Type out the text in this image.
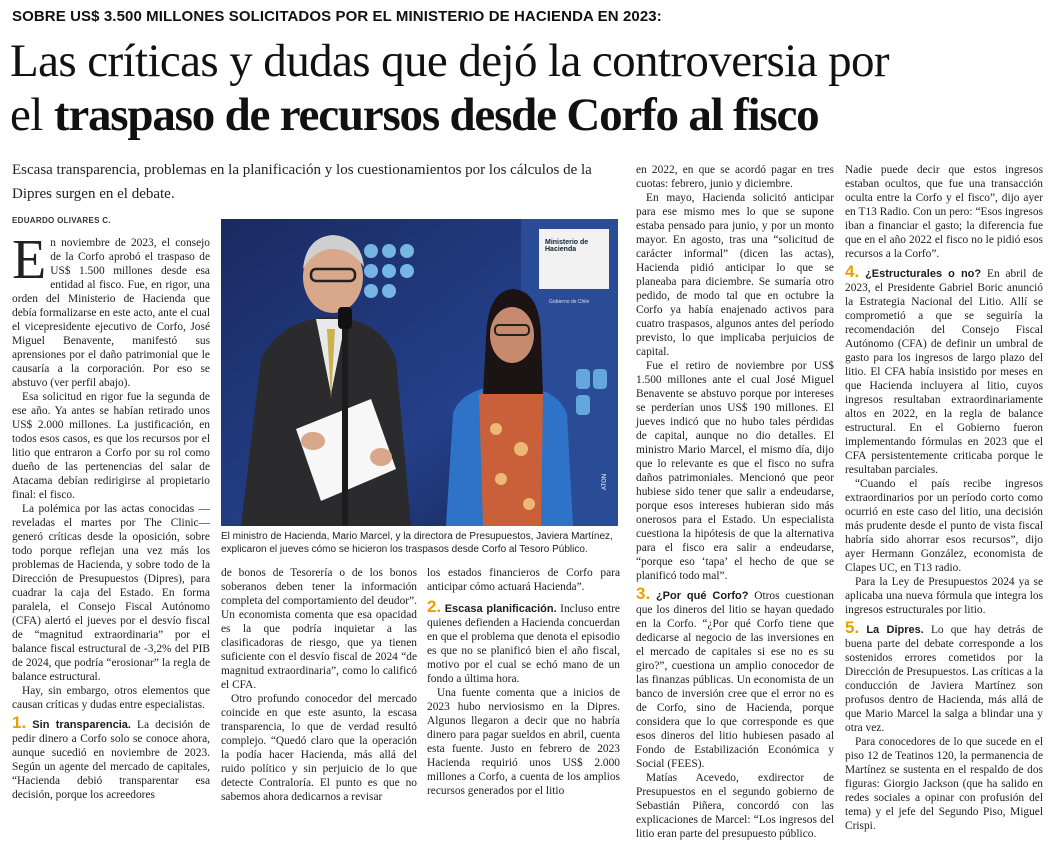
SOBRE US$ 3.500 MILLONES SOLICITADOS POR EL MINISTERIO DE HACIENDA EN 2023:
Las críticas y dudas que dejó la controversia por
el traspaso de recursos desde Corfo al fisco
Escasa transparencia, problemas en la planificación y los cuestionamientos por los cálculos de la Dipres surgen en el debate.
EDUARDO OLIVARES C.

En noviembre de 2023, el consejo de la Corfo aprobó el traspaso de US$ 1.500 millones desde esa entidad al fisco. Fue, en rigor, una orden del Ministerio de Hacienda que debía formalizarse en este acto, ante el cual el vicepresidente ejecutivo de Corfo, José Miguel Benavente, manifestó sus aprensiones por el daño patrimonial que le causaría a la corporación. Por eso se abstuvo (ver perfil abajo).

Esa solicitud en rigor fue la segunda de ese año. Ya antes se habían retirado unos US$ 2.000 millones. La justificación, en todos esos casos, es que los recursos por el litio que entraron a Corfo por su rol como dueño de las pertenencias del salar de Atacama debían redirigirse al propietario final: el fisco.

La polémica por las actas conocidas —reveladas el martes por The Clinic— generó críticas desde la oposición, sobre todo porque reflejan una vez más los problemas de Hacienda, y sobre todo de la Dirección de Presupuestos (Dipres), para cuadrar la caja del Estado. En forma paralela, el Consejo Fiscal Autónomo (CFA) alertó el jueves por el desvío fiscal de “magnitud extraordinaria” por el balance fiscal estructural de -3,2% del PIB de 2024, que podría “erosionar” la regla de balance estructural.

Hay, sin embargo, otros elementos que causan críticas y dudas entre especialistas.

1. Sin transparencia. La decisión de pedir dinero a Corfo solo se conoce ahora, aunque sucedió en noviembre de 2023. Según un agente del mercado de capitales, “Hacienda debió transparentar esa decisión, porque los acreedores

Ministerio de
Hacienda
Gobierno de Chile
ATON
El ministro de Hacienda, Mario Marcel, y la directora de Presupuestos, Javiera Martínez, explicaron el jueves cómo se hicieron los traspasos desde Corfo al Tesoro Público.

de bonos de Tesorería o de los bonos soberanos deben tener la información completa del comportamiento del deudor”. Un economista comenta que esa opacidad es la que podría inquietar a las clasificadoras de riesgo, que ya tienen suficiente con el desvío fiscal de 2024 “de magnitud extraordinaria”, como lo calificó el CFA.

Otro profundo conocedor del mercado coincide en que este asunto, la escasa transparencia, lo que de verdad resultó complejo. “Quedó claro que la operación la podía hacer Hacienda, más allá del ruido político y sin perjuicio de lo que detecte Contraloría. El punto es que no sabemos ahora dedicarnos a revisar

los estados financieros de Corfo para anticipar cómo actuará Hacienda”.

2. Escasa planificación. Incluso entre quienes defienden a Hacienda concuerdan en que el problema que denota el episodio es que no se planificó bien el año fiscal, motivo por el cual se echó mano de un fondo a última hora.

Una fuente comenta que a inicios de 2023 hubo nerviosismo en la Dipres. Algunos llegaron a decir que no habría dinero para pagar sueldos en abril, cuenta esta fuente. Justo en febrero de 2023 Hacienda requirió unos US$ 2.000 millones a Corfo, a cuenta de los amplios recursos generados por el litio

en 2022, en que se acordó pagar en tres cuotas: febrero, junio y diciembre.

En mayo, Hacienda solicitó anticipar para ese mismo mes lo que se supone estaba pensado para junio, y por un monto mayor. En agosto, tras una “solicitud de carácter informal” (dicen las actas), Hacienda pidió anticipar lo que se planeaba para diciembre. Se sumaría otro pedido, de modo tal que en octubre la Corfo ya había enajenado activos para cuatro traspasos, algunos antes del período previsto, lo que implicaba perjuicios de capital.

Fue el retiro de noviembre por US$ 1.500 millones ante el cual José Miguel Benavente se abstuvo porque por intereses se perderían unos US$ 190 millones. El jueves indicó que no hubo tales pérdidas de capital, aunque no dio detalles. El ministro Mario Marcel, el mismo día, dijo que lo relevante es que el fisco no sufra daños patrimoniales. Mencionó que peor hubiese sido tener que salir a endeudarse, porque esos intereses hubieran sido más onerosos para el Estado. Un especialista cuestiona la hipótesis de que la alternativa para el fisco era salir a endeudarse, “porque eso ‘tapa’ el hecho de que se planificó todo mal”.

3. ¿Por qué Corfo? Otros cuestionan que los dineros del litio se hayan quedado en la Corfo. “¿Por qué Corfo tiene que dedicarse al negocio de las inversiones en el mercado de capitales si ese no es su giro?”, cuestiona un amplio conocedor de las finanzas públicas. Un economista de un banco de inversión cree que el error no es de Corfo, sino de Hacienda, porque considera que lo que corresponde es que esos dineros del litio hubiesen pasado al Fondo de Estabilización Económica y Social (FEES).

Matías Acevedo, exdirector de Presupuestos en el segundo gobierno de Sebastián Piñera, concordó con las explicaciones de Marcel: “Los ingresos del litio eran parte del presupuesto público.

Nadie puede decir que estos ingresos estaban ocultos, que fue una transacción oculta entre la Corfo y el fisco”, dijo ayer en T13 Radio. Con un pero: “Esos ingresos iban a financiar el gasto; la diferencia fue que en el año 2022 el fisco no le pidió esos recursos a la Corfo”.

4. ¿Estructurales o no? En abril de 2023, el Presidente Gabriel Boric anunció la Estrategia Nacional del Litio. Allí se comprometió a que se seguiría la recomendación del Consejo Fiscal Autónomo (CFA) de definir un umbral de gasto para los ingresos de largo plazo del litio. El CFA había insistido por meses en que Hacienda incluyera al litio, cuyos ingresos resultaban extraordinariamente altos en 2022, en la regla de balance estructural. En el Gobierno fueron implementando fórmulas en 2023 que el CFA persistentemente criticaba porque le resultaban parciales.

“Cuando el país recibe ingresos extraordinarios por un período corto como ocurrió en este caso del litio, una decisión más prudente desde el punto de vista fiscal habría sido ahorrar esos recursos”, dijo ayer Hermann González, economista de Clapes UC, en T13 radio.

Para la Ley de Presupuestos 2024 ya se aplicaba una nueva fórmula que integra los ingresos estructurales por litio.

5. La Dipres. Lo que hay detrás de buena parte del debate corresponde a los sostenidos errores cometidos por la Dirección de Presupuestos. Las críticas a la conducción de Javiera Martínez son profusos dentro de Hacienda, más allá de que Mario Marcel la salga a blindar una y otra vez.

Para conocedores de lo que sucede en el piso 12 de Teatinos 120, la permanencia de Martínez se sustenta en el respaldo de dos figuras: Giorgio Jackson (que ha salido en redes sociales a opinar con profusión del tema) y el jefe del Segundo Piso, Miguel Crispi.
